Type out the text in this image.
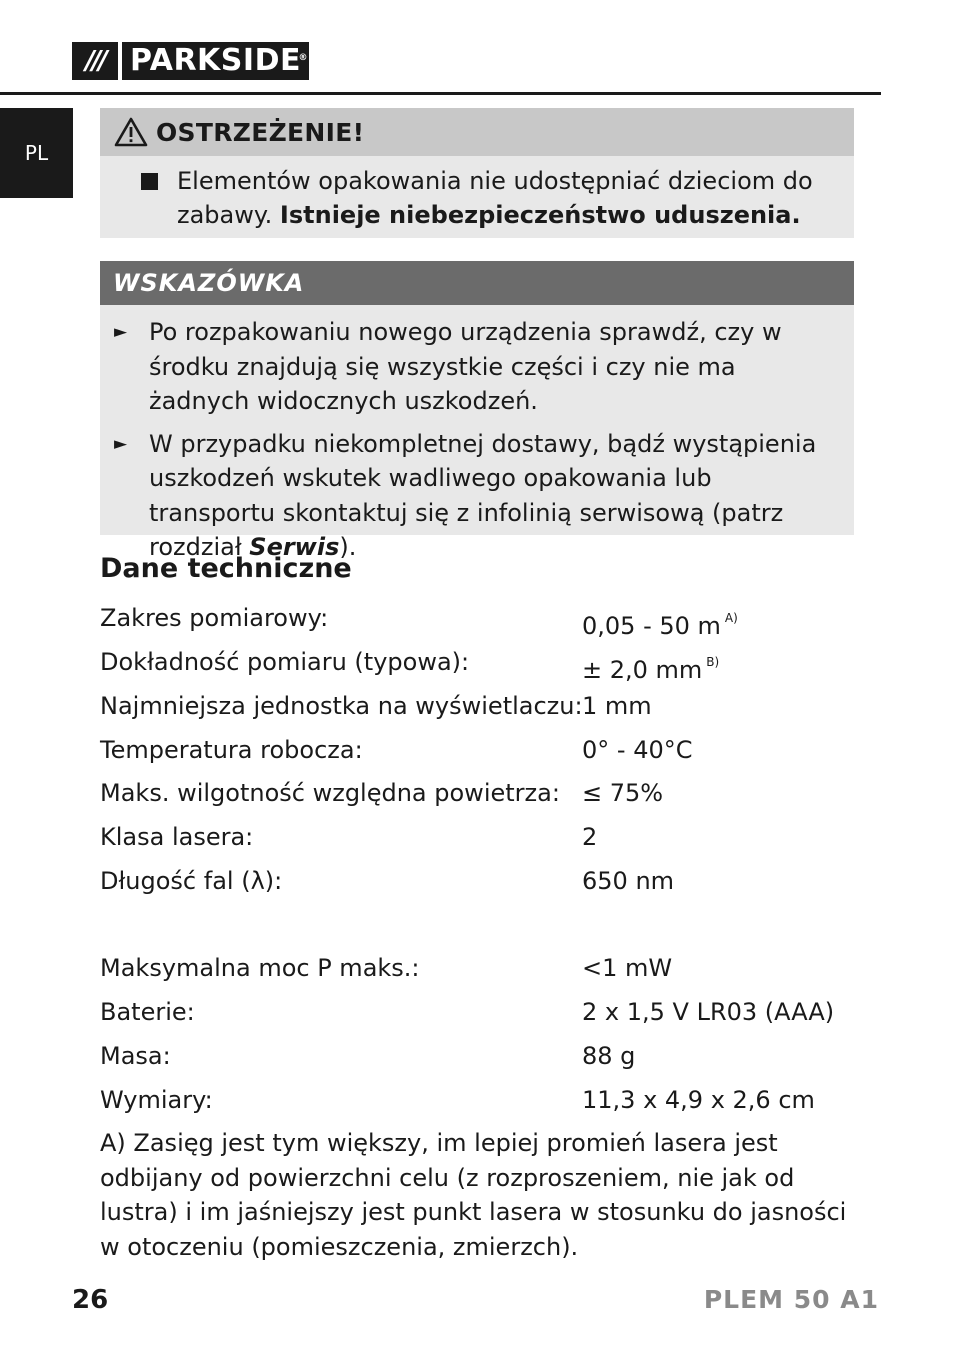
/// PARKSIDE
®
PL
OSTRZEŻENIE!
Elementów opakowania nie udostępniać dzieciom do zabawy. Istnieje niebezpieczeństwo uduszenia.
WSKAZÓWKA
► Po rozpakowaniu nowego urządzenia sprawdź, czy w środku znajdują się wszystkie części i czy nie ma żadnych widocznych uszkodzeń.
► W przypadku niekompletnej dostawy, bądź wystąpienia uszkodzeń wskutek wadliwego opakowania lub transportu skontaktuj się z infolinią serwisową (patrz rozdział Serwis).
Dane techniczne
Zakres pomiarowy:	0,05 - 50 m $^{A)}$
Dokładność pomiaru (typowa):	± 2,0 mm $^{B)}$
Najmniejsza jednostka na wyświetlaczu: 1 mm
Temperatura robocza:	0° - 40°C
Maks. wilgotność względna powietrza: ≤ 75%
Klasa lasera:	2
Długość fal (λ):	650 nm
Maksymalna moc P maks.:	<1 mW
Baterie:	2 x 1,5 V LR03 (AAA)
Masa:	88 g
Wymiary:	11,3 x 4,9 x 2,6 cm
A) Zasięg jest tym większy, im lepiej promień lasera jest odbijany od powierzchni celu (z rozproszeniem, nie jak od lustra) i im jaśniejszy jest punkt lasera w stosunku do jasności w otoczeniu (pomieszczenia, zmierzch).
26	PLEM 50 A1
